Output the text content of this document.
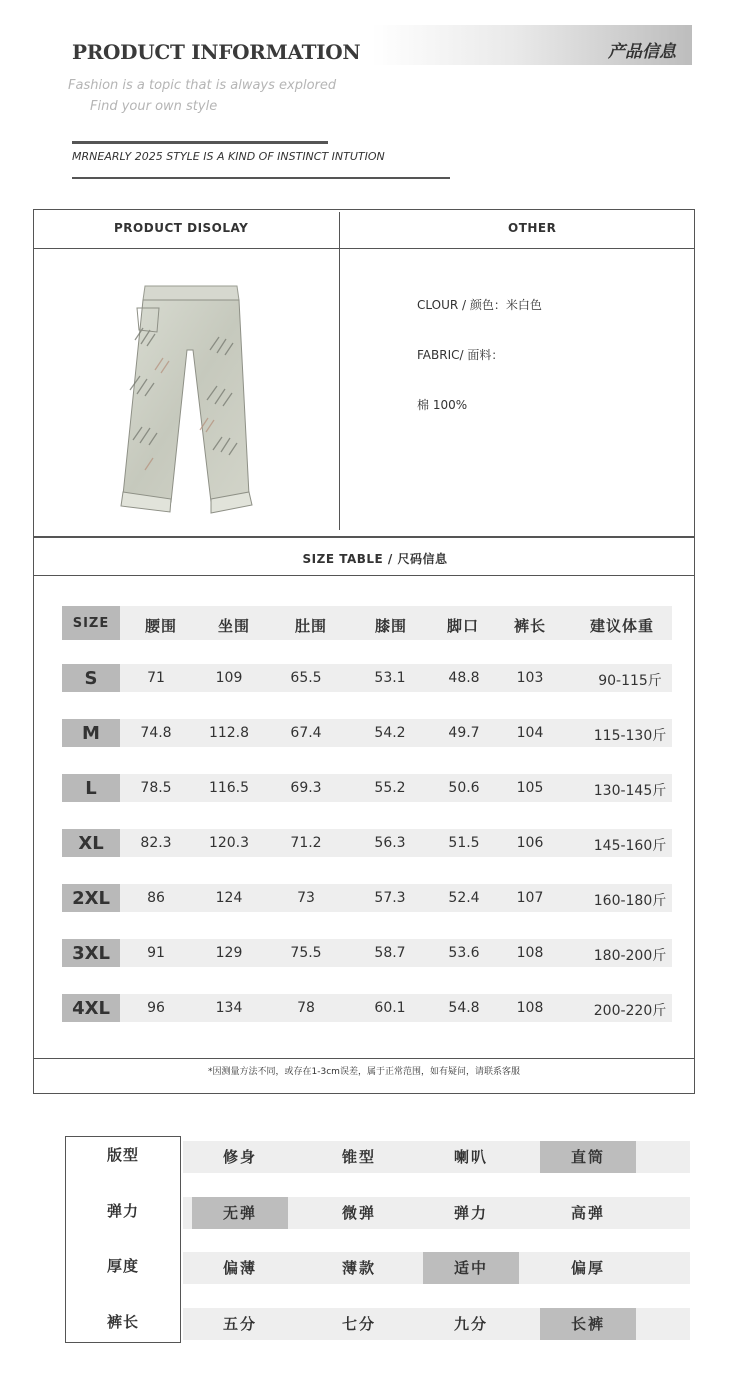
PRODUCT INFORMATION	产品信息
Fashion is a topic that is always explored
Find your own style
MRNEARLY 2025 STYLE IS A KIND OF INSTINCT INTUTION
PRODUCT DISOLAY	OTHER
CLOUR / 颜色：米白色
FABRIC/ 面料：
棉 100%
SIZE TABLE / 尺码信息
SIZE	腰围	坐围	肚围	膝围	脚口	裤长	建议体重
S	71	109	65.5	53.1	48.8	103	90-115斤
M	74.8	112.8	67.4	54.2	49.7	104	115-130斤
L	78.5	116.5	69.3	55.2	50.6	105	130-145斤
XL	82.3	120.3	71.2	56.3	51.5	106	145-160斤
2XL	86	124	73	57.3	52.4	107	160-180斤
3XL	91	129	75.5	58.7	53.6	108	180-200斤
4XL	96	134	78	60.1	54.8	108	200-220斤
*因测量方法不同，或存在1-3cm误差，属于正常范围，如有疑问，请联系客服
版型	修身	锥型	喇叭	直筒
弹力	无弹	微弹	弹力	高弹
厚度	偏薄	薄款	适中	偏厚
裤长	五分	七分	九分	长裤
